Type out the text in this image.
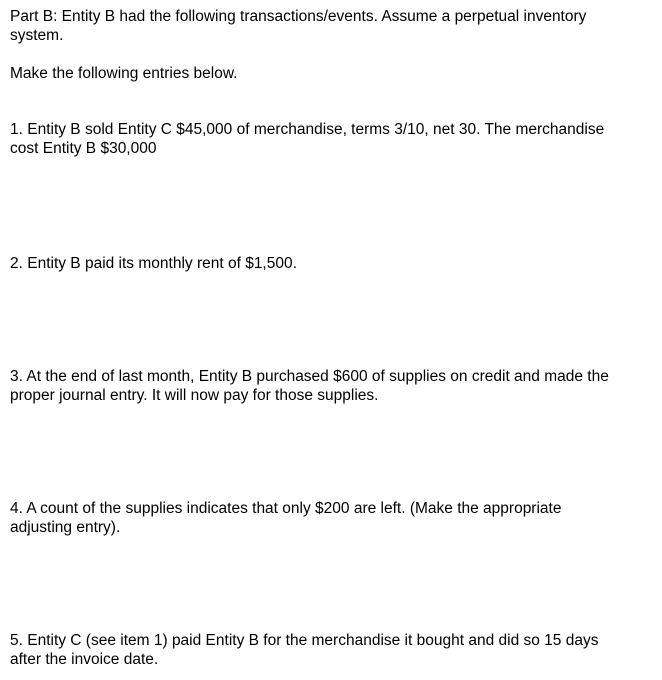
Part B: Entity B had the following transactions/events. Assume a perpetual inventory
system.
Make the following entries below.
1. Entity B sold Entity C $45,000 of merchandise, terms 3/10, net 30. The merchandise
cost Entity B $30,000
2. Entity B paid its monthly rent of $1,500.
3. At the end of last month, Entity B purchased $600 of supplies on credit and made the
proper journal entry. It will now pay for those supplies.
4. A count of the supplies indicates that only $200 are left. (Make the appropriate
adjusting entry).
5. Entity C (see item 1) paid Entity B for the merchandise it bought and did so 15 days
after the invoice date.
